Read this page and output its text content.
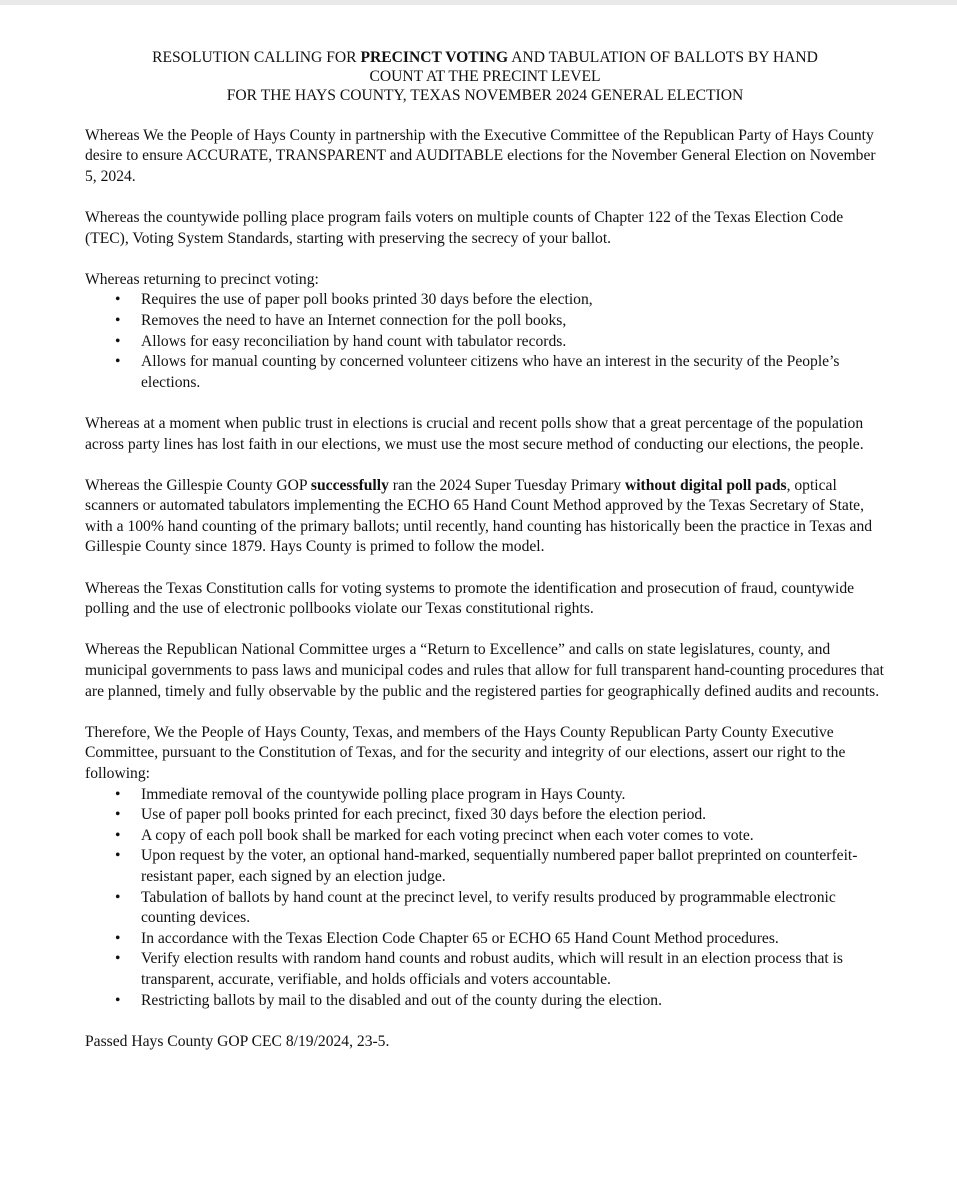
RESOLUTION CALLING FOR PRECINCT VOTING AND TABULATION OF BALLOTS BY HAND
COUNT AT THE PRECINT LEVEL
FOR THE HAYS COUNTY, TEXAS NOVEMBER 2024 GENERAL ELECTION

Whereas We the People of Hays County in partnership with the Executive Committee of the Republican Party of Hays County desire to ensure ACCURATE, TRANSPARENT and AUDITABLE elections for the November General Election on November 5, 2024.

Whereas the countywide polling place program fails voters on multiple counts of Chapter 122 of the Texas Election Code (TEC), Voting System Standards, starting with preserving the secrecy of your ballot.

Whereas returning to precinct voting:
• Requires the use of paper poll books printed 30 days before the election,
• Removes the need to have an Internet connection for the poll books,
• Allows for easy reconciliation by hand count with tabulator records.
• Allows for manual counting by concerned volunteer citizens who have an interest in the security of the People’s elections.

Whereas at a moment when public trust in elections is crucial and recent polls show that a great percentage of the population across party lines has lost faith in our elections, we must use the most secure method of conducting our elections, the people.

Whereas the Gillespie County GOP successfully ran the 2024 Super Tuesday Primary without digital poll pads, optical scanners or automated tabulators implementing the ECHO 65 Hand Count Method approved by the Texas Secretary of State, with a 100% hand counting of the primary ballots; until recently, hand counting has historically been the practice in Texas and Gillespie County since 1879. Hays County is primed to follow the model.

Whereas the Texas Constitution calls for voting systems to promote the identification and prosecution of fraud, countywide polling and the use of electronic pollbooks violate our Texas constitutional rights.

Whereas the Republican National Committee urges a “Return to Excellence” and calls on state legislatures, county, and municipal governments to pass laws and municipal codes and rules that allow for full transparent hand-counting procedures that are planned, timely and fully observable by the public and the registered parties for geographically defined audits and recounts.

Therefore, We the People of Hays County, Texas, and members of the Hays County Republican Party County Executive Committee, pursuant to the Constitution of Texas, and for the security and integrity of our elections, assert our right to the following:
• Immediate removal of the countywide polling place program in Hays County.
• Use of paper poll books printed for each precinct, fixed 30 days before the election period.
• A copy of each poll book shall be marked for each voting precinct when each voter comes to vote.
• Upon request by the voter, an optional hand-marked, sequentially numbered paper ballot preprinted on counterfeit-resistant paper, each signed by an election judge.
• Tabulation of ballots by hand count at the precinct level, to verify results produced by programmable electronic counting devices.
• In accordance with the Texas Election Code Chapter 65 or ECHO 65 Hand Count Method procedures.
• Verify election results with random hand counts and robust audits, which will result in an election process that is transparent, accurate, verifiable, and holds officials and voters accountable.
• Restricting ballots by mail to the disabled and out of the county during the election.
Passed Hays County GOP CEC 8/19/2024, 23-5.
